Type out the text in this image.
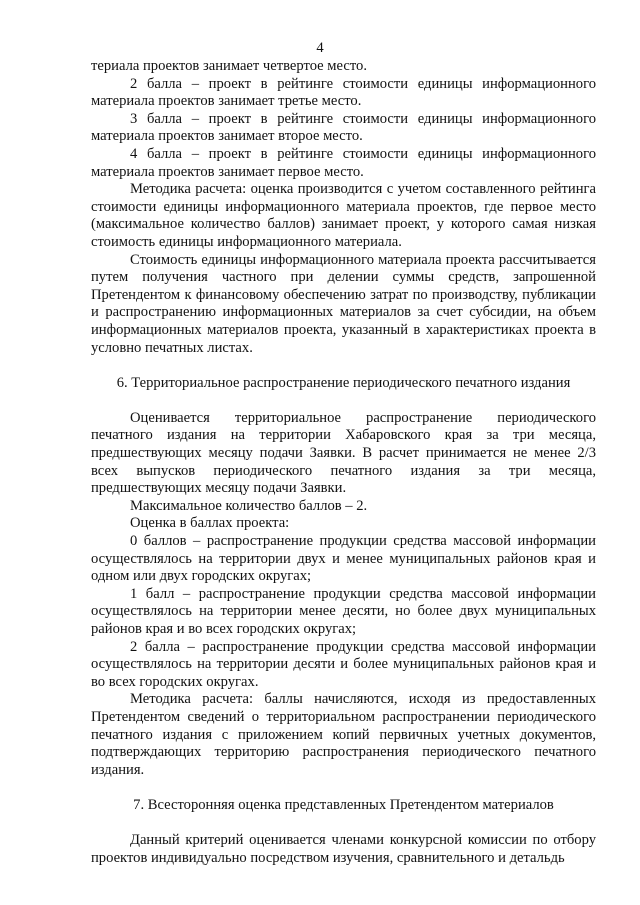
4

териала проектов занимает четвертое место.

2 балла – проект в рейтинге стоимости единицы информационного материала проектов занимает третье место.

3 балла – проект в рейтинге стоимости единицы информационного материала проектов занимает второе место.

4 балла – проект в рейтинге стоимости единицы информационного материала проектов занимает первое место.

Методика расчета: оценка производится с учетом составленного рейтинга стоимости единицы информационного материала проектов, где первое место (максимальное количество баллов) занимает проект, у которого самая низкая стоимость единицы информационного материала.

Стоимость единицы информационного материала проекта рассчитывается путем получения частного при делении суммы средств, запрошенной Претендентом к финансовому обеспечению затрат по производству, публикации и распространению информационных материалов за счет субсидии, на объем информационных материалов проекта, указанный в характеристиках проекта в условно печатных листах.

6. Территориальное распространение периодического печатного издания

Оценивается территориальное распространение периодического печатного издания на территории Хабаровского края за три месяца, предшествующих месяцу подачи Заявки. В расчет принимается не менее 2/3 всех выпусков периодического печатного издания за три месяца, предшествующих месяцу подачи Заявки.

Максимальное количество баллов – 2.

Оценка в баллах проекта:

0 баллов – распространение продукции средства массовой информации осуществлялось на территории двух и менее муниципальных районов края и одном или двух городских округах;

1 балл – распространение продукции средства массовой информации осуществлялось на территории менее десяти, но более двух муниципальных районов края и во всех городских округах;

2 балла – распространение продукции средства массовой информации осуществлялось на территории десяти и более муниципальных районов края и во всех городских округах.

Методика расчета: баллы начисляются, исходя из предоставленных Претендентом сведений о территориальном распространении периодического печатного издания с приложением копий первичных учетных документов, подтверждающих территорию распространения периодического печатного издания.

7. Всесторонняя оценка представленных Претендентом материалов

Данный критерий оценивается членами конкурсной комиссии по отбору проектов индивидуально посредством изучения, сравнительного и детальдь
